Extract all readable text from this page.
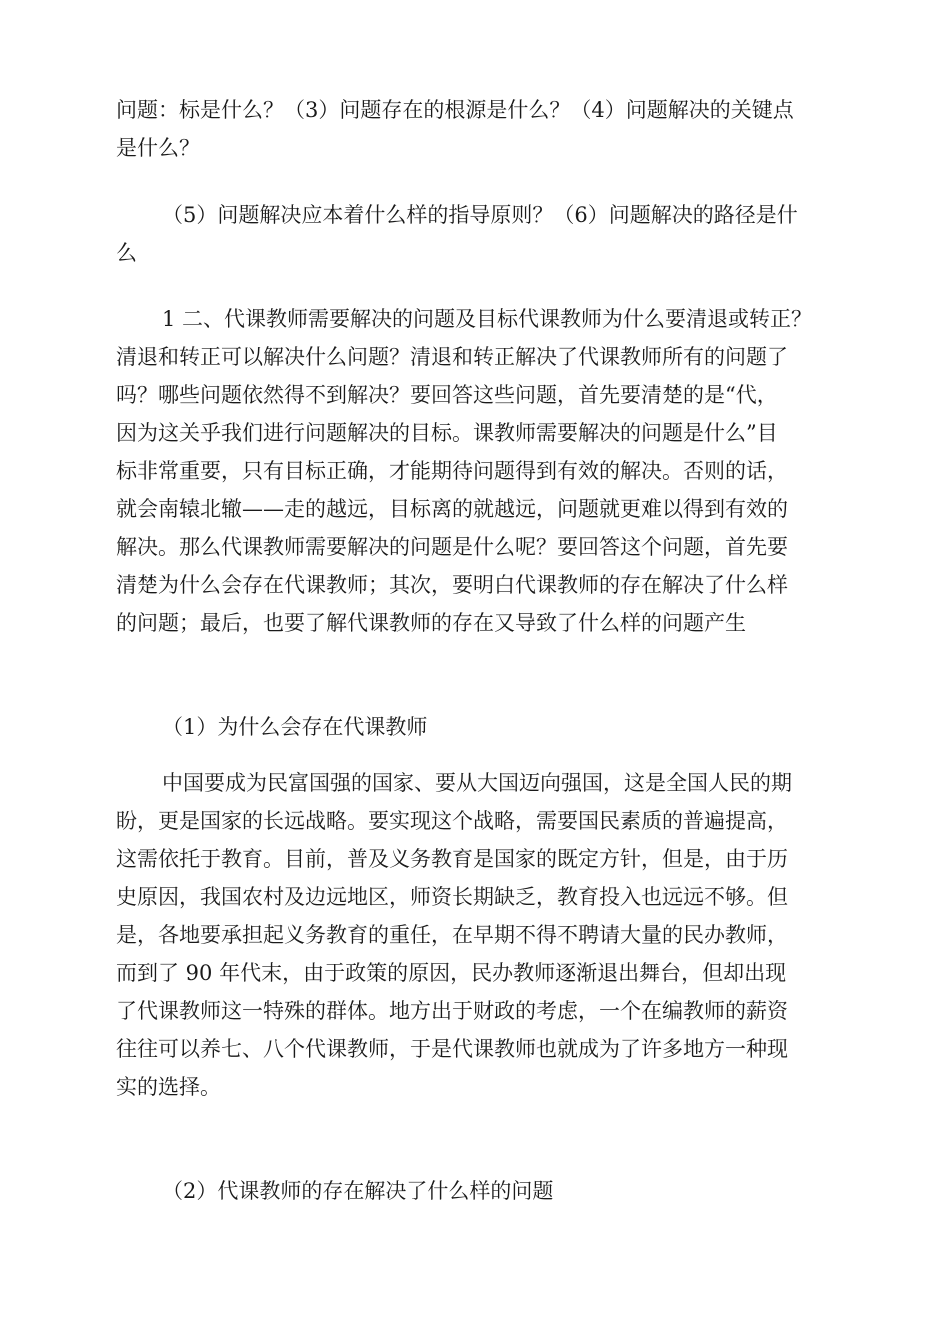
问题：标是什么？（3）问题存在的根源是什么？（4）问题解决的关键点
是什么？
（5）问题解决应本着什么样的指导原则？（6）问题解决的路径是什
么
1 二、代课教师需要解决的问题及目标代课教师为什么要清退或转正？
清退和转正可以解决什么问题？清退和转正解决了代课教师所有的问题了
吗？哪些问题依然得不到解决？要回答这些问题，首先要清楚的是“代，
因为这关乎我们进行问题解决的目标。课教师需要解决的问题是什么”目
标非常重要，只有目标正确，才能期待问题得到有效的解决。否则的话，
就会南辕北辙——走的越远，目标离的就越远，问题就更难以得到有效的
解决。那么代课教师需要解决的问题是什么呢？要回答这个问题，首先要
清楚为什么会存在代课教师；其次，要明白代课教师的存在解决了什么样
的问题；最后，也要了解代课教师的存在又导致了什么样的问题产生
（1）为什么会存在代课教师
中国要成为民富国强的国家、要从大国迈向强国，这是全国人民的期
盼，更是国家的长远战略。要实现这个战略，需要国民素质的普遍提高，
这需依托于教育。目前，普及义务教育是国家的既定方针，但是，由于历
史原因，我国农村及边远地区，师资长期缺乏，教育投入也远远不够。但
是，各地要承担起义务教育的重任，在早期不得不聘请大量的民办教师，
而到了 90 年代末，由于政策的原因，民办教师逐渐退出舞台，但却出现
了代课教师这一特殊的群体。地方出于财政的考虑，一个在编教师的薪资
往往可以养七、八个代课教师，于是代课教师也就成为了许多地方一种现
实的选择。
（2）代课教师的存在解决了什么样的问题
